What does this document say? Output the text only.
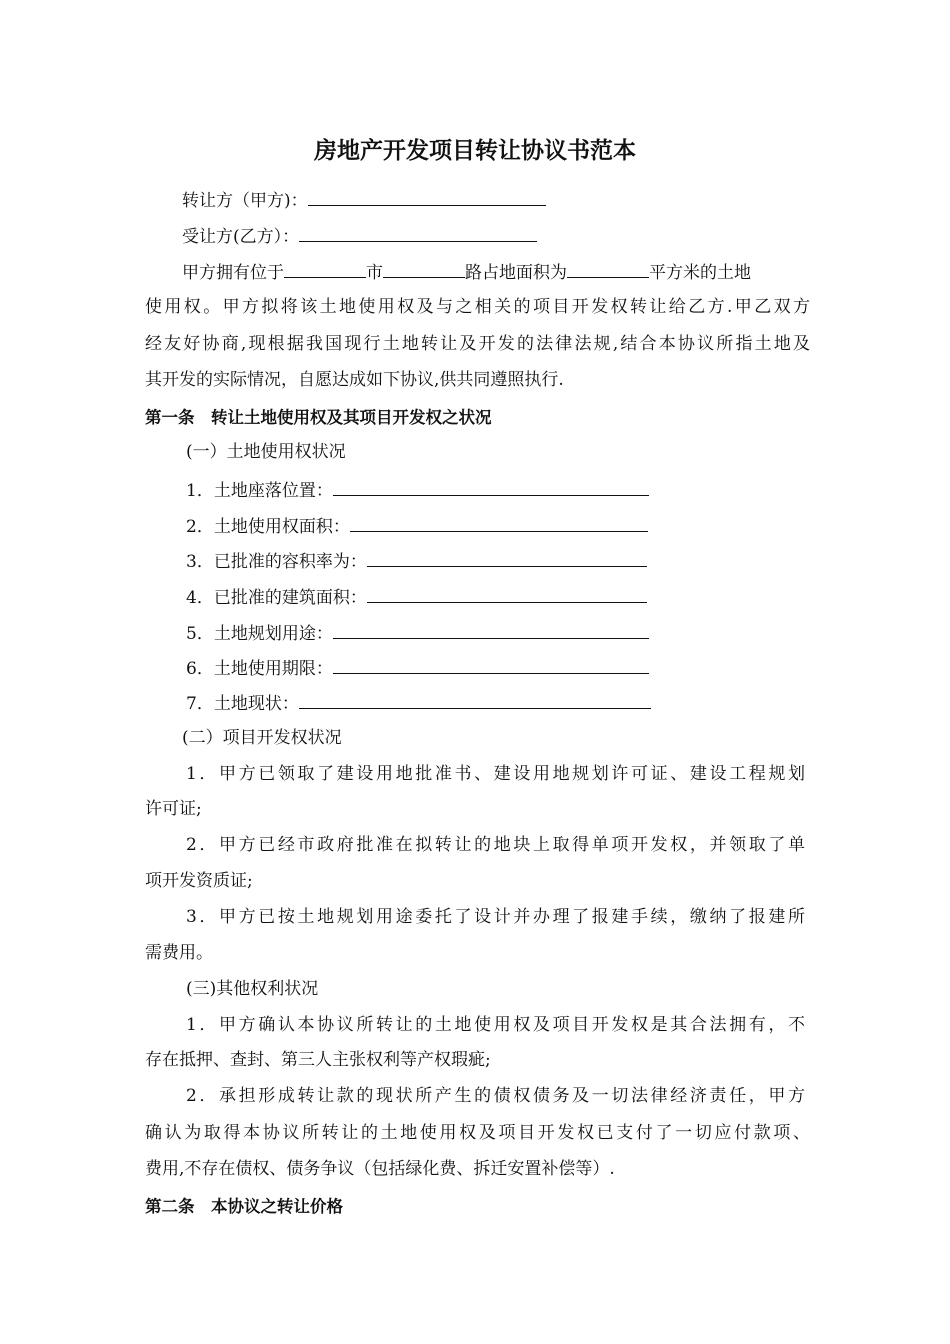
房地产开发项目转让协议书范本
转让方（甲方)：
受让方(乙方）：
甲方拥有位于	市	路占地面积为	平方米的土地
使用权。甲方拟将该土地使用权及与之相关的项目开发权转让给乙方.甲乙双方
经友好协商,现根据我国现行土地转让及开发的法律法规,结合本协议所指土地及
其开发的实际情况，自愿达成如下协议,供共同遵照执行.
第一条　转让土地使用权及其项目开发权之状况
(一）土地使用权状况
1．土地座落位置：
2．土地使用权面积：
3．已批准的容积率为：
4．已批准的建筑面积：
5．土地规划用途：
6．土地使用期限：
7．土地现状：
(二）项目开发权状况
1．甲方已领取了建设用地批准书、建设用地规划许可证、建设工程规划
许可证;
2．甲方已经市政府批准在拟转让的地块上取得单项开发权，并领取了单
项开发资质证;
3．甲方已按土地规划用途委托了设计并办理了报建手续，缴纳了报建所
需费用。
(三)其他权利状况
1．甲方确认本协议所转让的土地使用权及项目开发权是其合法拥有，不
存在抵押、查封、第三人主张权利等产权瑕疵;
2．承担形成转让款的现状所产生的债权债务及一切法律经济责任，甲方
确认为取得本协议所转让的土地使用权及项目开发权已支付了一切应付款项、
费用,不存在债权、债务争议（包括绿化费、拆迁安置补偿等）.
第二条　本协议之转让价格
